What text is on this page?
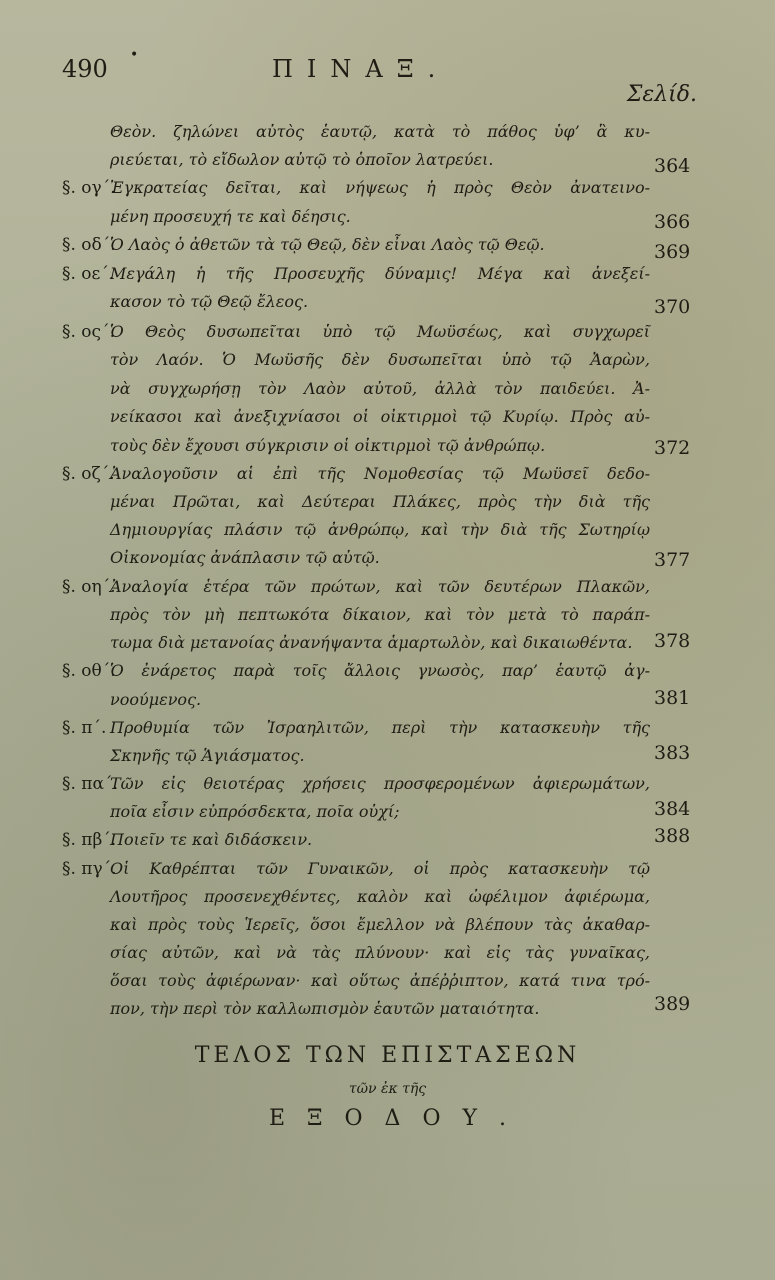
490 •	ΠΙΝΑΞ.
Σελίδ.
Θεὸν. ζηλώνει αὐτὸς ἑαυτῷ, κατὰ τὸ πάθος ὑφ’ ἃ κυ-
ριεύεται, τὸ εἴδωλον αὐτῷ τὸ ὁποῖον λατρεύει.
§. ογ΄.
Ἐγκρατείας δεῖται, καὶ νήψεως ἡ πρὸς Θεὸν ἀνατεινο-
μένη προσευχή τε καὶ δέησις.
§. οδ΄.
Ὁ Λαὸς ὁ ἀθετῶν τὰ τῷ Θεῷ, δὲν εἶναι Λαὸς τῷ Θεῷ.
§. οε΄.
Μεγάλη ἡ τῆς Προσευχῆς δύναμις! Μέγα καὶ ἀνεξεί-
κασον τὸ τῷ Θεῷ ἔλεος.
§. ος΄.
Ὁ Θεὸς δυσωπεῖται ὑπὸ τῷ Μωϋσέως, καὶ συγχωρεῖ
τὸν Λαόν. Ὁ Μωϋσῆς δὲν δυσωπεῖται ὑπὸ τῷ Ἀαρὼν,
νὰ συγχωρήσῃ τὸν Λαὸν αὐτοῦ, ἀλλὰ τὸν παιδεύει. Ἀ-
νείκασοι καὶ ἀνεξιχνίασοι οἱ οἰκτιρμοὶ τῷ Κυρίῳ. Πρὸς αὐ-
τοὺς δὲν ἔχουσι σύγκρισιν οἱ οἰκτιρμοὶ τῷ ἀνθρώπῳ.
§. οζ΄.
Ἀναλογοῦσιν αἱ ἐπὶ τῆς Νομοθεσίας τῷ Μωϋσεῖ δεδο-
μέναι Πρῶται, καὶ Δεύτεραι Πλάκες, πρὸς τὴν διὰ τῆς
Δημιουργίας πλάσιν τῷ ἀνθρώπῳ, καὶ τὴν διὰ τῆς Σωτηρίῳ
Οἰκονομίας ἀνάπλασιν τῷ αὐτῷ.
§. οη΄.
Ἀναλογία ἑτέρα τῶν πρώτων, καὶ τῶν δευτέρων Πλακῶν,
πρὸς τὸν μὴ πεπτωκότα δίκαιον, καὶ τὸν μετὰ τὸ παράπ-
τωμα διὰ μετανοίας ἀνανήψαντα ἁμαρτωλὸν, καὶ δικαιωθέντα.
§. οθ΄.
Ὁ ἐνάρετος παρὰ τοῖς ἄλλοις γνωσὸς, παρ’ ἑαυτῷ ἀγ-
νοούμενος.
§. π΄. Προθυμία τῶν Ἰσραηλιτῶν, περὶ τὴν κατασκευὴν τῆς
Σκηνῆς τῷ Ἁγιάσματος.
§. πα΄.
Τῶν εἰς θειοτέρας χρήσεις προσφερομένων ἀφιερωμάτων,
ποῖα εἶσιν εὐπρόσδεκτα, ποῖα οὐχί;
§. πβ΄.
Ποιεῖν τε καὶ διδάσκειν.
§. πγ΄.
Οἱ Καθρέπται τῶν Γυναικῶν, οἱ πρὸς κατασκευὴν τῷ
Λουτῆρος προσενεχθέντες, καλὸν καὶ ὠφέλιμον ἀφιέρωμα,
καὶ πρὸς τοὺς Ἱερεῖς, ὅσοι ἔμελλον νὰ βλέπουν τὰς ἀκαθαρ-
σίας αὐτῶν, καὶ νὰ τὰς πλύνουν· καὶ εἰς τὰς γυναῖκας,
ὅσαι τοὺς ἀφιέρωναν· καὶ οὕτως ἀπέῤῥιπτον, κατά τινα τρό-
πον, τὴν περὶ τὸν καλλωπισμὸν ἑαυτῶν ματαιότητα.
364
366
369
370
372
377
378
381
383
384
388
389
ΤΕΛΟΣ ΤΩΝ ΕΠΙΣΤΑΣΕΩΝ
τῶν ἐκ τῆς
ΕΞΟΔΟΥ.
